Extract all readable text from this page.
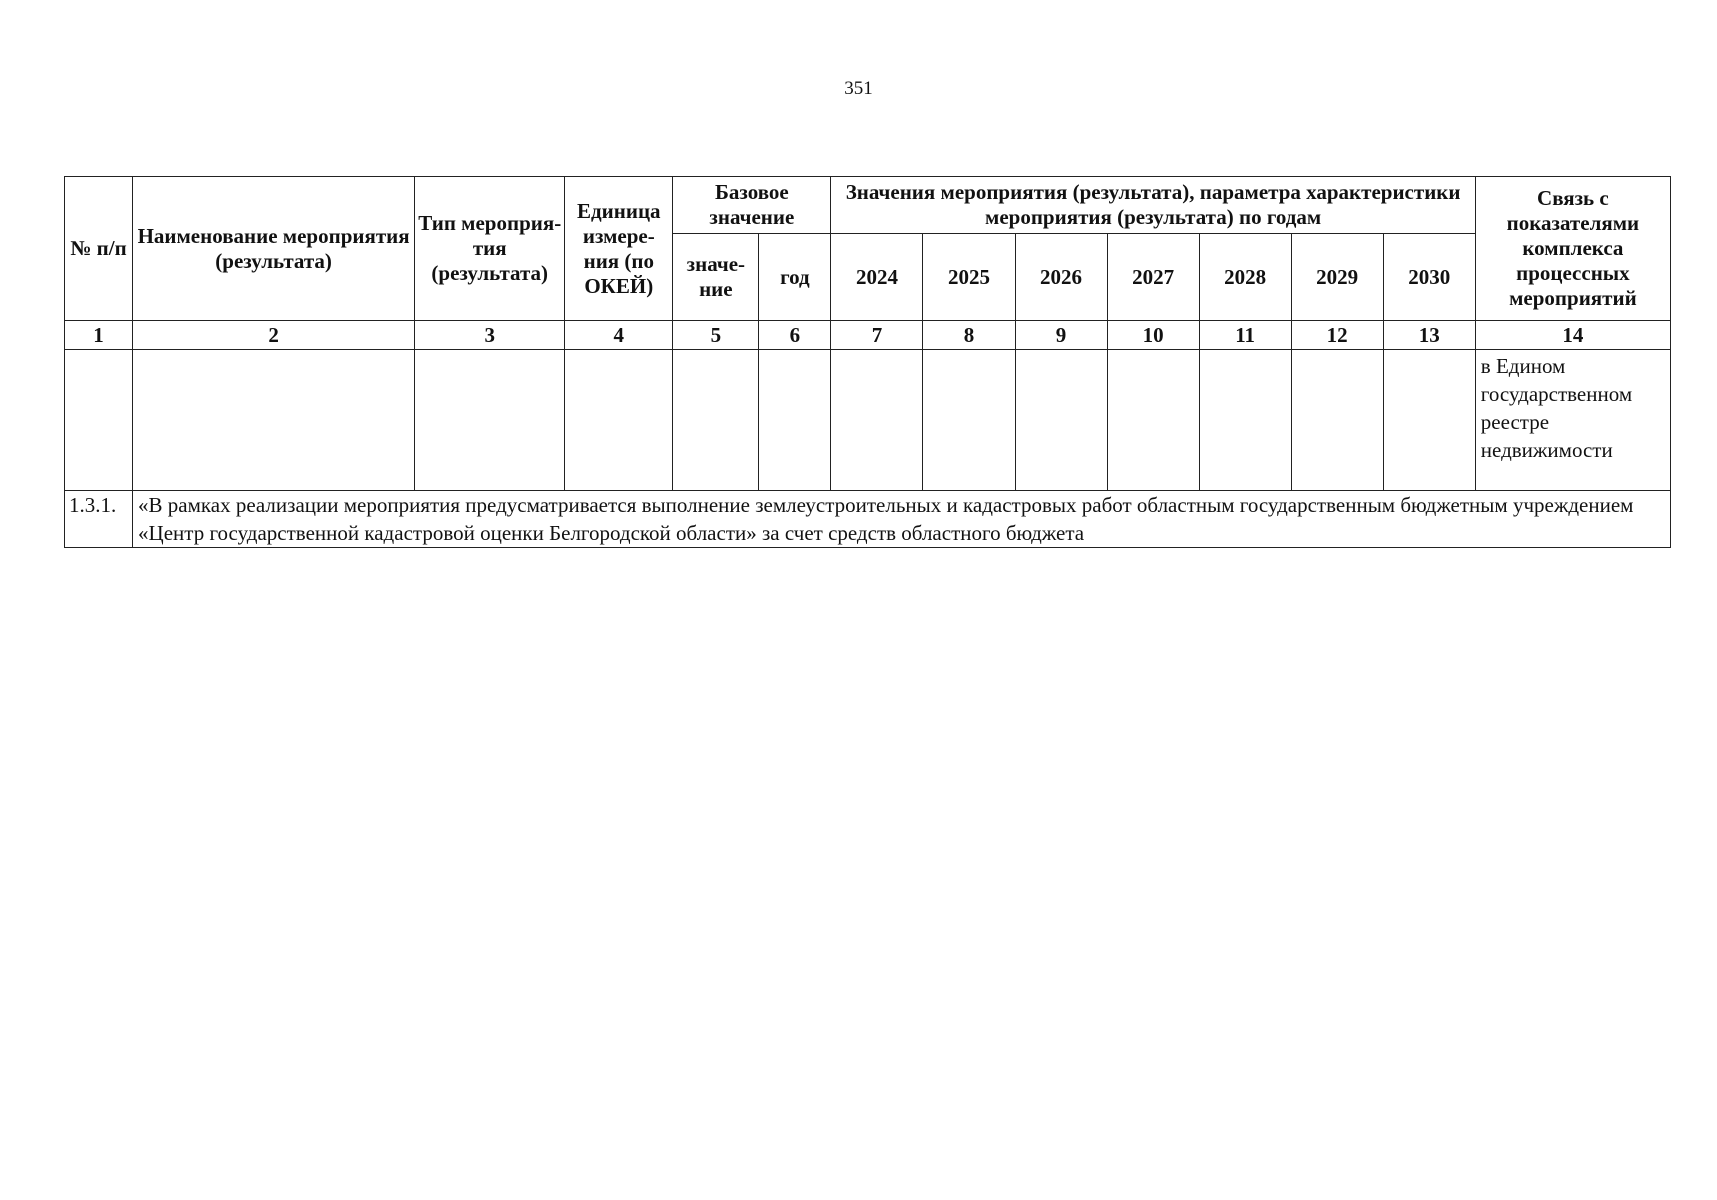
351
№ п/п	Наименование мероприятия (результата)	Тип мероприя-тия (результата)	Единица измере-ния (по ОКЕЙ)	Базовое значение		Значения мероприятия (результата), параметра характеристики мероприятия (результата) по годам							Связь с показателями комплекса процессных мероприятий
				значе-ние	год	2024	2025	2026	2027	2028	2029	2030	
1	2	3	4	5	6	7	8	9	10	11	12	13	14
													в Едином государственном реестре недвижимости
1.3.1.	«В рамках реализации мероприятия предусматривается выполнение землеустроительных и кадастровых работ областным государственным бюджетным учреждением «Центр государственной кадастровой оценки Белгородской области» за счет средств областного бюджета												
